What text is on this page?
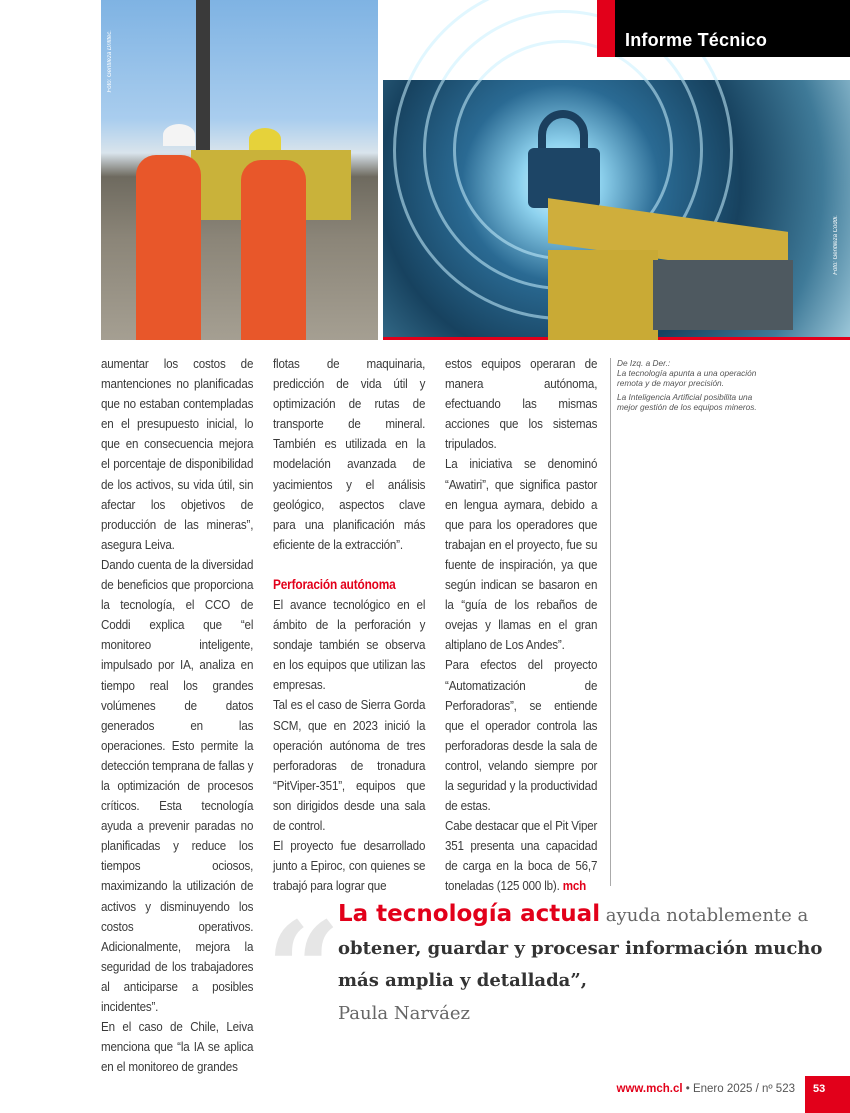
Foto: Gentileza Drilltec.
Foto: Gentileza Coddi.
Informe Técnico

aumentar los costos de mantenciones no planificadas que no estaban contempladas en el presupuesto inicial, lo que en consecuencia mejora el porcentaje de disponibilidad de los activos, su vida útil, sin afectar los objetivos de producción de las mineras”, asegura Leiva.

Dando cuenta de la diversidad de beneficios que proporciona la tecnología, el CCO de Coddi explica que “el monitoreo inteligente, impulsado por IA, analiza en tiempo real los grandes volúmenes de datos generados en las operaciones. Esto permite la detección temprana de fallas y la optimización de procesos críticos. Esta tecnología ayuda a prevenir paradas no planificadas y reduce los tiempos ociosos, maximizando la utilización de activos y disminuyendo los costos operativos. Adicionalmente, mejora la seguridad de los trabajadores al anticiparse a posibles incidentes”.

En el caso de Chile, Leiva menciona que “la IA se aplica en el monitoreo de grandes

flotas de maquinaria, predicción de vida útil y optimización de rutas de transporte de mineral. También es utilizada en la modelación avanzada de yacimientos y el análisis geológico, aspectos clave para una planificación más eficiente de la extracción”.

Perforación autónoma

El avance tecnológico en el ámbito de la perforación y sondaje también se observa en los equipos que utilizan las empresas.

Tal es el caso de Sierra Gorda SCM, que en 2023 inició la operación autónoma de tres perforadoras de tronadura “PitViper-351”, equipos que son dirigidos desde una sala de control.

El proyecto fue desarrollado junto a Epiroc, con quienes se trabajó para lograr que

estos equipos operaran de manera autónoma, efectuando las mismas acciones que los sistemas tripulados.

La iniciativa se denominó “Awatiri”, que significa pastor en lengua aymara, debido a que para los operadores que trabajan en el proyecto, fue su fuente de inspiración, ya que según indican se basaron en la “guía de los rebaños de ovejas y llamas en el gran altiplano de Los Andes”.

Para efectos del proyecto “Automatización de Perforadoras”, se entiende que el operador controla las perforadoras desde la sala de control, velando siempre por la seguridad y la productividad de estas.

Cabe destacar que el Pit Viper 351 presenta una capacidad de carga en la boca de 56,7 toneladas (125 000 lb). mch

De Izq. a Der.:

La tecnología apunta a una operación remota y de mayor precisión.

La Inteligencia Artificial posibilita una mejor gestión de los equipos mineros.

“
La tecnología actual ayuda notablemente a obtener, guardar y procesar información mucho más amplia y detallada”,
Paula Narváez
www.mch.cl • Enero 2025 / nº 523	53
